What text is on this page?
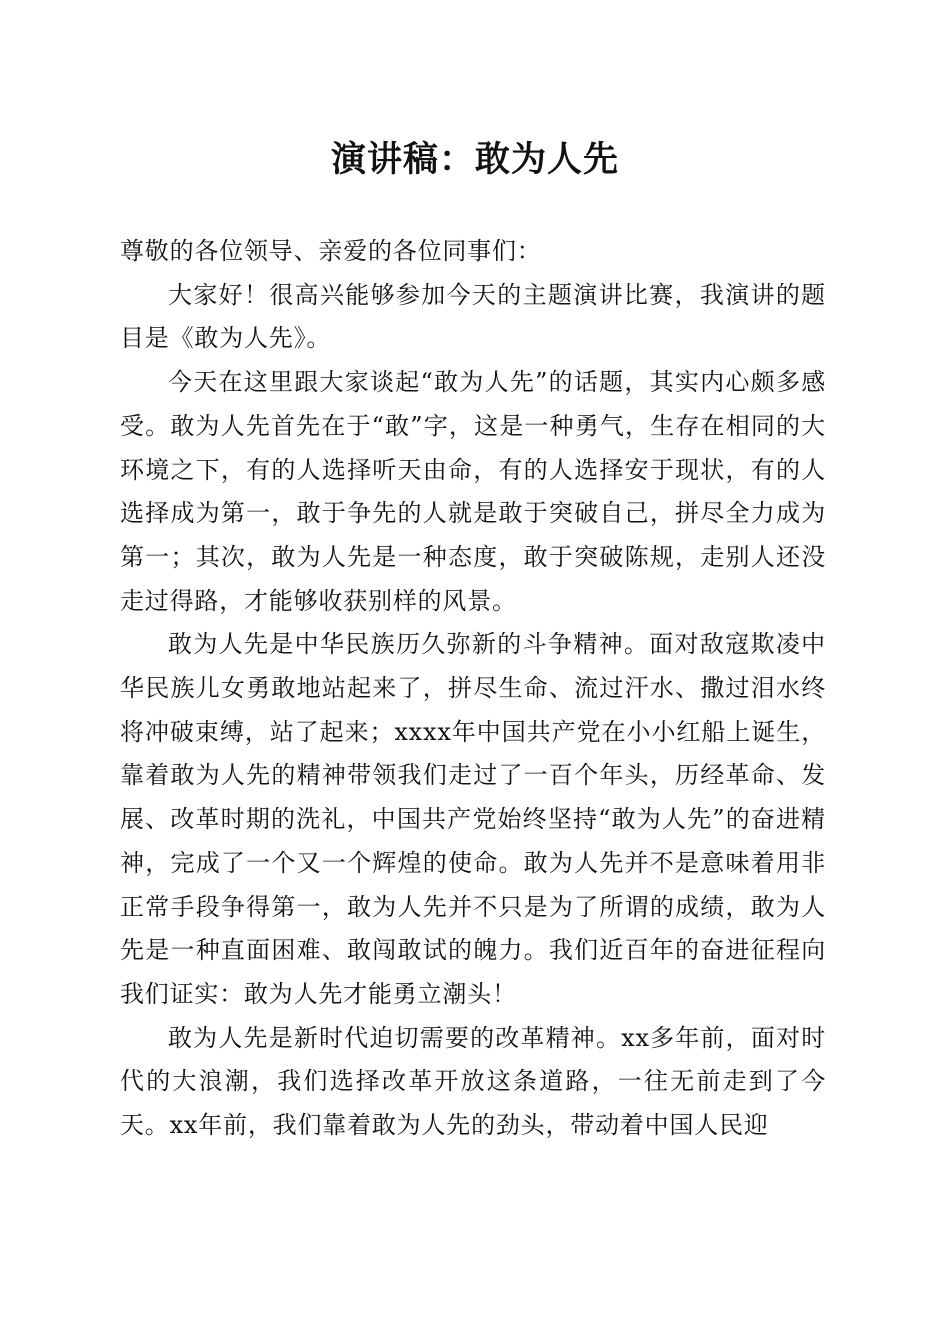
演讲稿：敢为人先

尊敬的各位领导、亲爱的各位同事们：

大家好！很高兴能够参加今天的主题演讲比赛，我演讲的题目是《敢为人先》。

今天在这里跟大家谈起“敢为人先”的话题，其实内心颇多感受。敢为人先首先在于“敢”字，这是一种勇气，生存在相同的大环境之下，有的人选择听天由命，有的人选择安于现状，有的人选择成为第一，敢于争先的人就是敢于突破自己，拼尽全力成为第一；其次，敢为人先是一种态度，敢于突破陈规，走别人还没走过得路，才能够收获别样的风景。

敢为人先是中华民族历久弥新的斗争精神。面对敌寇欺凌中华民族儿女勇敢地站起来了，拼尽生命、流过汗水、撒过泪水终将冲破束缚，站了起来；xxxx年中国共产党在小小红船上诞生，靠着敢为人先的精神带领我们走过了一百个年头，历经革命、发展、改革时期的洗礼，中国共产党始终坚持“敢为人先”的奋进精神，完成了一个又一个辉煌的使命。敢为人先并不是意味着用非正常手段争得第一，敢为人先并不只是为了所谓的成绩，敢为人先是一种直面困难、敢闯敢试的魄力。我们近百年的奋进征程向我们证实：敢为人先才能勇立潮头！

敢为人先是新时代迫切需要的改革精神。xx多年前，面对时代的大浪潮，我们选择改革开放这条道路，一往无前走到了今天。xx年前，我们靠着敢为人先的劲头，带动着中国人民迎
